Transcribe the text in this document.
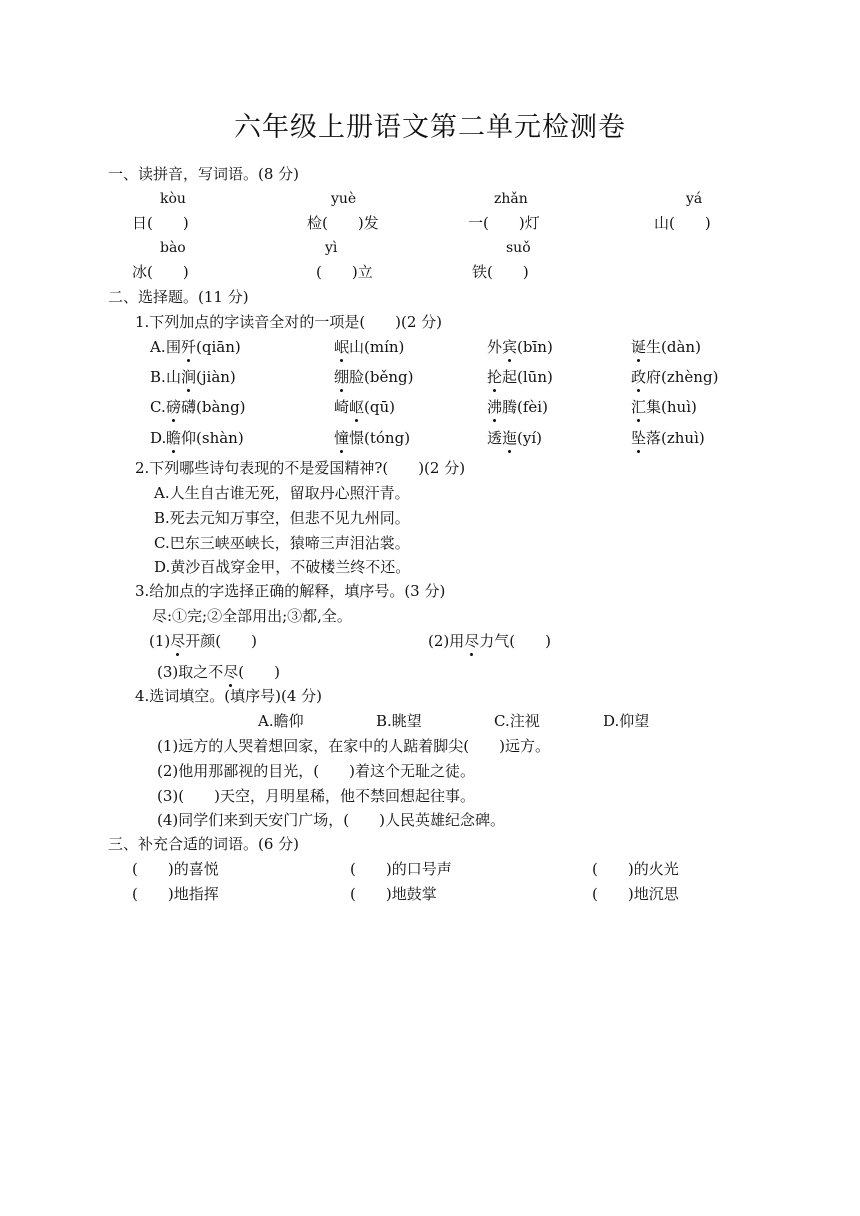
六年级上册语文第二单元检测卷
一、读拼音，写词语。(8 分)
kòu	yuè	zhǎn	yá
日(　　)	检(　　)发	一(　　)灯	山(　　)
bào	yì	suǒ
冰(　　)	(　　)立	铁(　　)
二、选择题。(11 分)
1.下列加点的字读音全对的一项是(　　)(2 分)
A. 围歼(qiān)	岷山(mín)	外宾(bīn)	诞生(dàn)
B. 山涧(jiàn)	绷脸(běng)	抡起(lūn)	政府(zhèng)
C. 磅礴(bàng)	崎岖(qū)	沸腾(fèi)	汇集(huì)
D. 瞻仰(shàn)	憧憬(tóng)	透迤(yí)	坠落(zhuì)
2.下列哪些诗句表现的不是爱国精神?(　　)(2 分)
A.人生自古谁无死，留取丹心照汗青。
B.死去元知万事空，但悲不见九州同。
C.巴东三峡巫峡长，猿啼三声泪沾裳。
D.黄沙百战穿金甲，不破楼兰终不还。
3.给加点的字选择正确的解释，填序号。(3 分)
尽:①完;②全部用出;③都,全。
(1)尽开颜(　　)	(2)用尽力气(　　)
(3)取之不尽(　　)
4.选词填空。(填序号)(4 分)
A.瞻仰	B.眺望	C.注视	D.仰望
(1)远方的人哭着想回家，在家中的人踮着脚尖(　　)远方。
(2)他用那鄙视的目光，(　　)着这个无耻之徒。
(3)(　　)天空，月明星稀，他不禁回想起往事。
(4)同学们来到天安门广场，(　　)人民英雄纪念碑。
三、补充合适的词语。(6 分)
(　　)的喜悦	(　　)的口号声	(　　)的火光
(　　)地指挥	(　　)地鼓掌	(　　)地沉思
